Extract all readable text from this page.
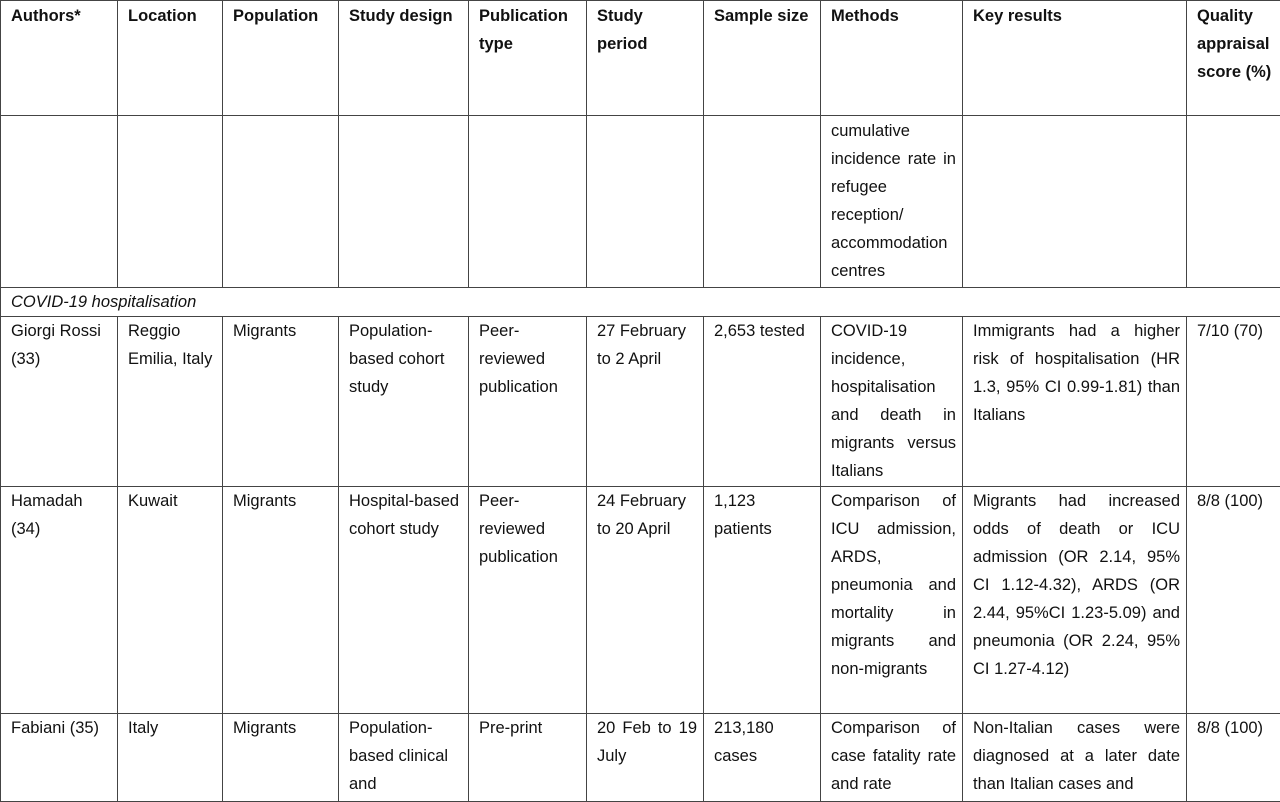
Authors*	Location	Population	Study design	Publication type	Study period	Sample size	Methods	Key results	Quality appraisal score (%)
							cumulative incidence rate in refugee reception/ accommodation centres		
COVID-19 hospitalisation									
Giorgi Rossi (33)	Reggio Emilia, Italy	Migrants	Population-based cohort study	Peer-reviewed publication	27 February to 2 April	2,653 tested	COVID-19 incidence, hospitalisation and death in migrants versus Italians	Immigrants had a higher risk of hospitalisation (HR 1.3, 95% CI 0.99-1.81) than Italians	7/10 (70)
Hamadah (34)	Kuwait	Migrants	Hospital-based cohort study	Peer-reviewed publication	24 February to 20 April	1,123 patients	Comparison of ICU admission, ARDS, pneumonia and mortality in migrants and non-migrants	Migrants had increased odds of death or ICU admission (OR 2.14, 95% CI 1.12-4.32), ARDS (OR 2.44, 95%CI 1.23-5.09) and pneumonia (OR 2.24, 95% CI 1.27-4.12)	8/8 (100)
Fabiani (35)	Italy	Migrants	Population-based clinical and	Pre-print	20 Feb to 19 July	213,180 cases	Comparison of case fatality rate and rate	Non-Italian cases were diagnosed at a later date than Italian cases and	8/8 (100)
